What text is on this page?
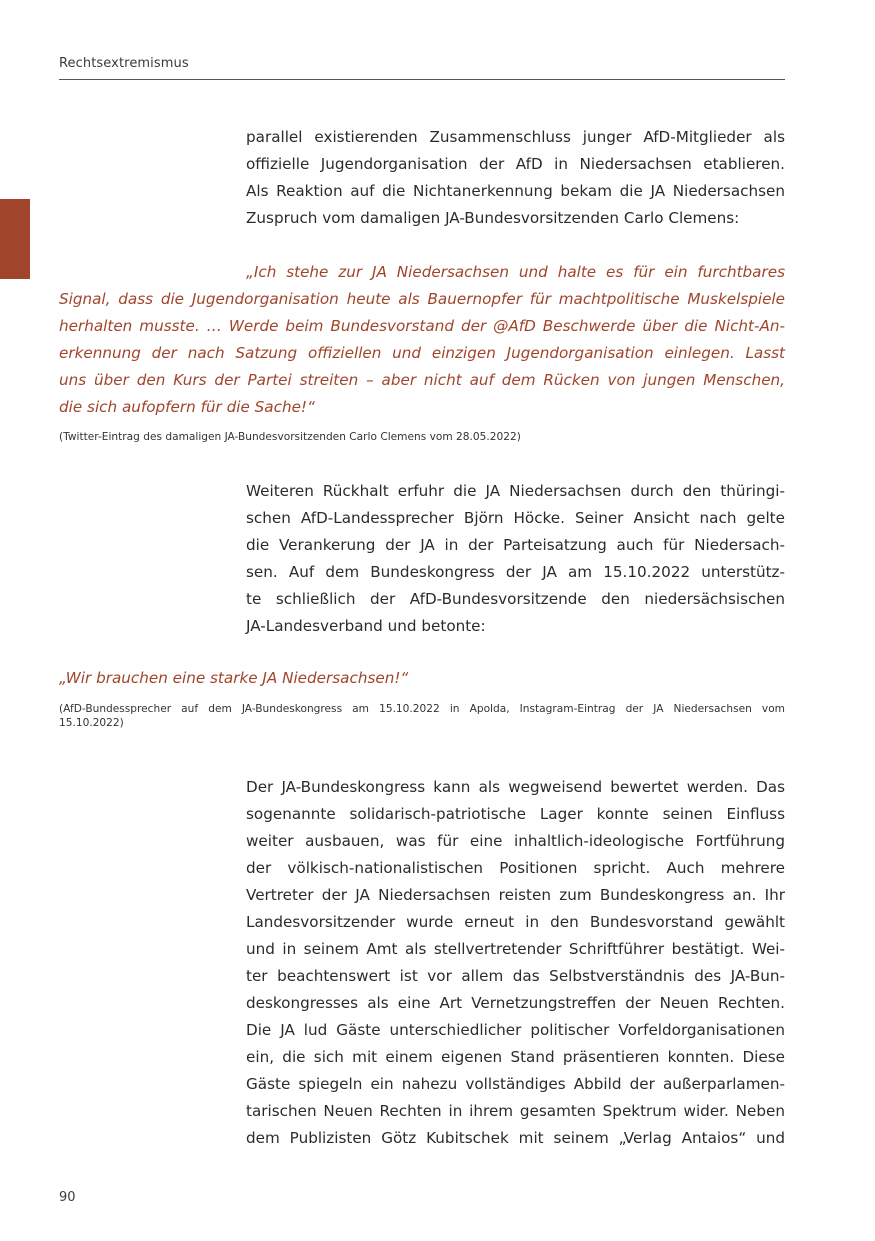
Rechtsextremismus
parallel existierenden Zusammenschluss junger AfD-Mitglieder als
offizielle Jugendorganisation der AfD in Niedersachsen etablieren.
Als Reaktion auf die Nichtanerkennung bekam die JA Niedersachsen
Zuspruch vom damaligen JA-Bundesvorsitzenden Carlo Clemens:
„Ich stehe zur JA Niedersachsen und halte es für ein furchtbares
Signal, dass die Jugendorganisation heute als Bauernopfer für machtpolitische Muskelspiele
herhalten musste. … Werde beim Bundesvorstand der @AfD Beschwerde über die Nicht-An-
erkennung der nach Satzung offiziellen und einzigen Jugendorganisation einlegen. Lasst
uns über den Kurs der Partei streiten – aber nicht auf dem Rücken von jungen Menschen,
die sich aufopfern für die Sache!“
(Twitter-Eintrag des damaligen JA-Bundesvorsitzenden Carlo Clemens vom 28.05.2022)
Weiteren Rückhalt erfuhr die JA Niedersachsen durch den thüringi-
schen AfD-Landessprecher Björn Höcke. Seiner Ansicht nach gelte
die Verankerung der JA in der Parteisatzung auch für Niedersach-
sen. Auf dem Bundeskongress der JA am 15.10.2022 unterstütz-
te schließlich der AfD-Bundesvorsitzende den niedersächsischen
JA-Landesverband und betonte:
„Wir brauchen eine starke JA Niedersachsen!“
(AfD-Bundessprecher auf dem JA-Bundeskongress am 15.10.2022 in Apolda, Instagram-Eintrag der JA Niedersachsen vom
15.10.2022)
Der JA-Bundeskongress kann als wegweisend bewertet werden. Das
sogenannte solidarisch-patriotische Lager konnte seinen Einfluss
weiter ausbauen, was für eine inhaltlich-ideologische Fortführung
der völkisch-nationalistischen Positionen spricht. Auch mehrere
Vertreter der JA Niedersachsen reisten zum Bundeskongress an. Ihr
Landesvorsitzender wurde erneut in den Bundesvorstand gewählt
und in seinem Amt als stellvertretender Schriftführer bestätigt. Wei-
ter beachtenswert ist vor allem das Selbstverständnis des JA-Bun-
deskongresses als eine Art Vernetzungstreffen der Neuen Rechten.
Die JA lud Gäste unterschiedlicher politischer Vorfeldorganisationen
ein, die sich mit einem eigenen Stand präsentieren konnten. Diese
Gäste spiegeln ein nahezu vollständiges Abbild der außerparlamen-
tarischen Neuen Rechten in ihrem gesamten Spektrum wider. Neben
dem Publizisten Götz Kubitschek mit seinem „Verlag Antaios“ und
90
